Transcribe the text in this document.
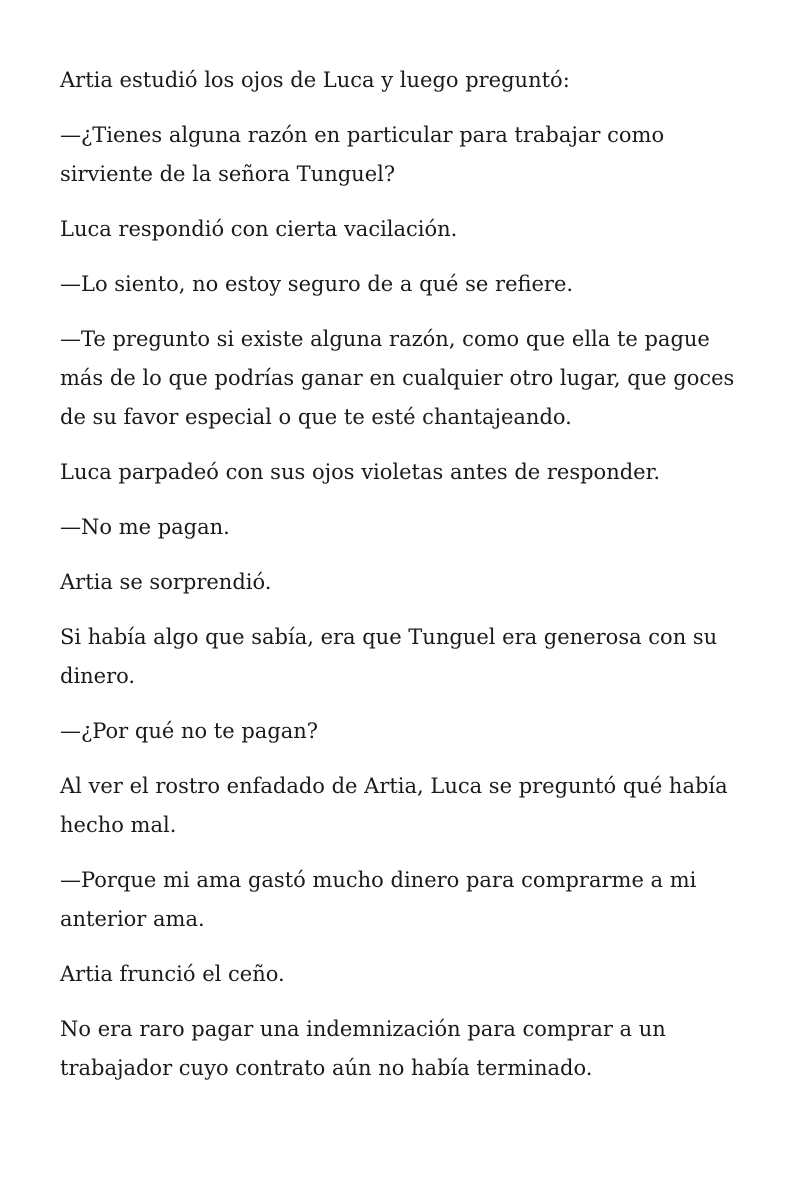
Artia estudió los ojos de Luca y luego preguntó:

—¿Tienes alguna razón en particular para trabajar como sirviente de la señora Tunguel?

Luca respondió con cierta vacilación.

—Lo siento, no estoy seguro de a qué se refiere.

—Te pregunto si existe alguna razón, como que ella te pague más de lo que podrías ganar en cualquier otro lugar, que goces de su favor especial o que te esté chantajeando.

Luca parpadeó con sus ojos violetas antes de responder.

—No me pagan.

Artia se sorprendió.

Si había algo que sabía, era que Tunguel era generosa con su dinero.

—¿Por qué no te pagan?

Al ver el rostro enfadado de Artia, Luca se preguntó qué había hecho mal.

—Porque mi ama gastó mucho dinero para comprarme a mi anterior ama.

Artia frunció el ceño.

No era raro pagar una indemnización para comprar a un trabajador cuyo contrato aún no había terminado.
